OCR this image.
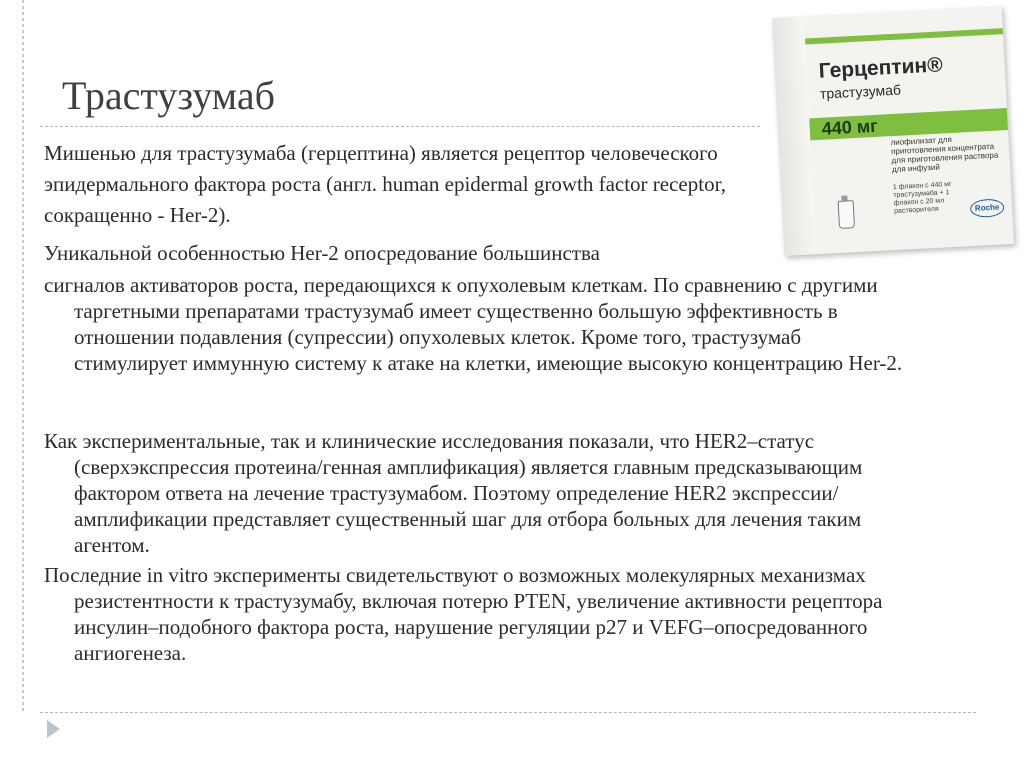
Трастузумаб

Мишенью для трастузумаба (герцептина) является рецептор человеческого эпидермального фактора роста (англ. human epidermal growth factor receptor, сокращенно - Her-2).

Уникальной особенностью Her-2 опосредование большинства

сигналов активаторов роста, передающихся к опухолевым клеткам. По сравнению с другими таргетными препаратами трастузумаб имеет существенно большую эффективность в отношении подавления (супрессии) опухолевых клеток. Кроме того, трастузумаб стимулирует иммунную систему к атаке на клетки, имеющие высокую концентрацию Her-2.

Как экспериментальные, так и клинические исследования показали, что HER2–статус (сверхэкспрессия протеина/генная амплификация) является главным предсказывающим фактором ответа на лечение трастузумабом. Поэтому определение HER2 экспрессии/амплификации представляет существенный шаг для отбора больных для лечения таким агентом.

Последние in vitro эксперименты свидетельствуют о возможных молекулярных механизмах резистентности к трастузумабу, включая потерю PTEN, увеличение активности рецептора инсулин–подобного фактора роста, нарушение регуляции р27 и VEFG–опосредованного ангиогенеза.

Герцептин®
трастузумаб
440 мг
лиофилизат для приготовления концентрата для приготовления раствора для инфузий
1 флакон с 440 мг трастузумаба + 1 флакон с 20 мл растворителя	Roche
